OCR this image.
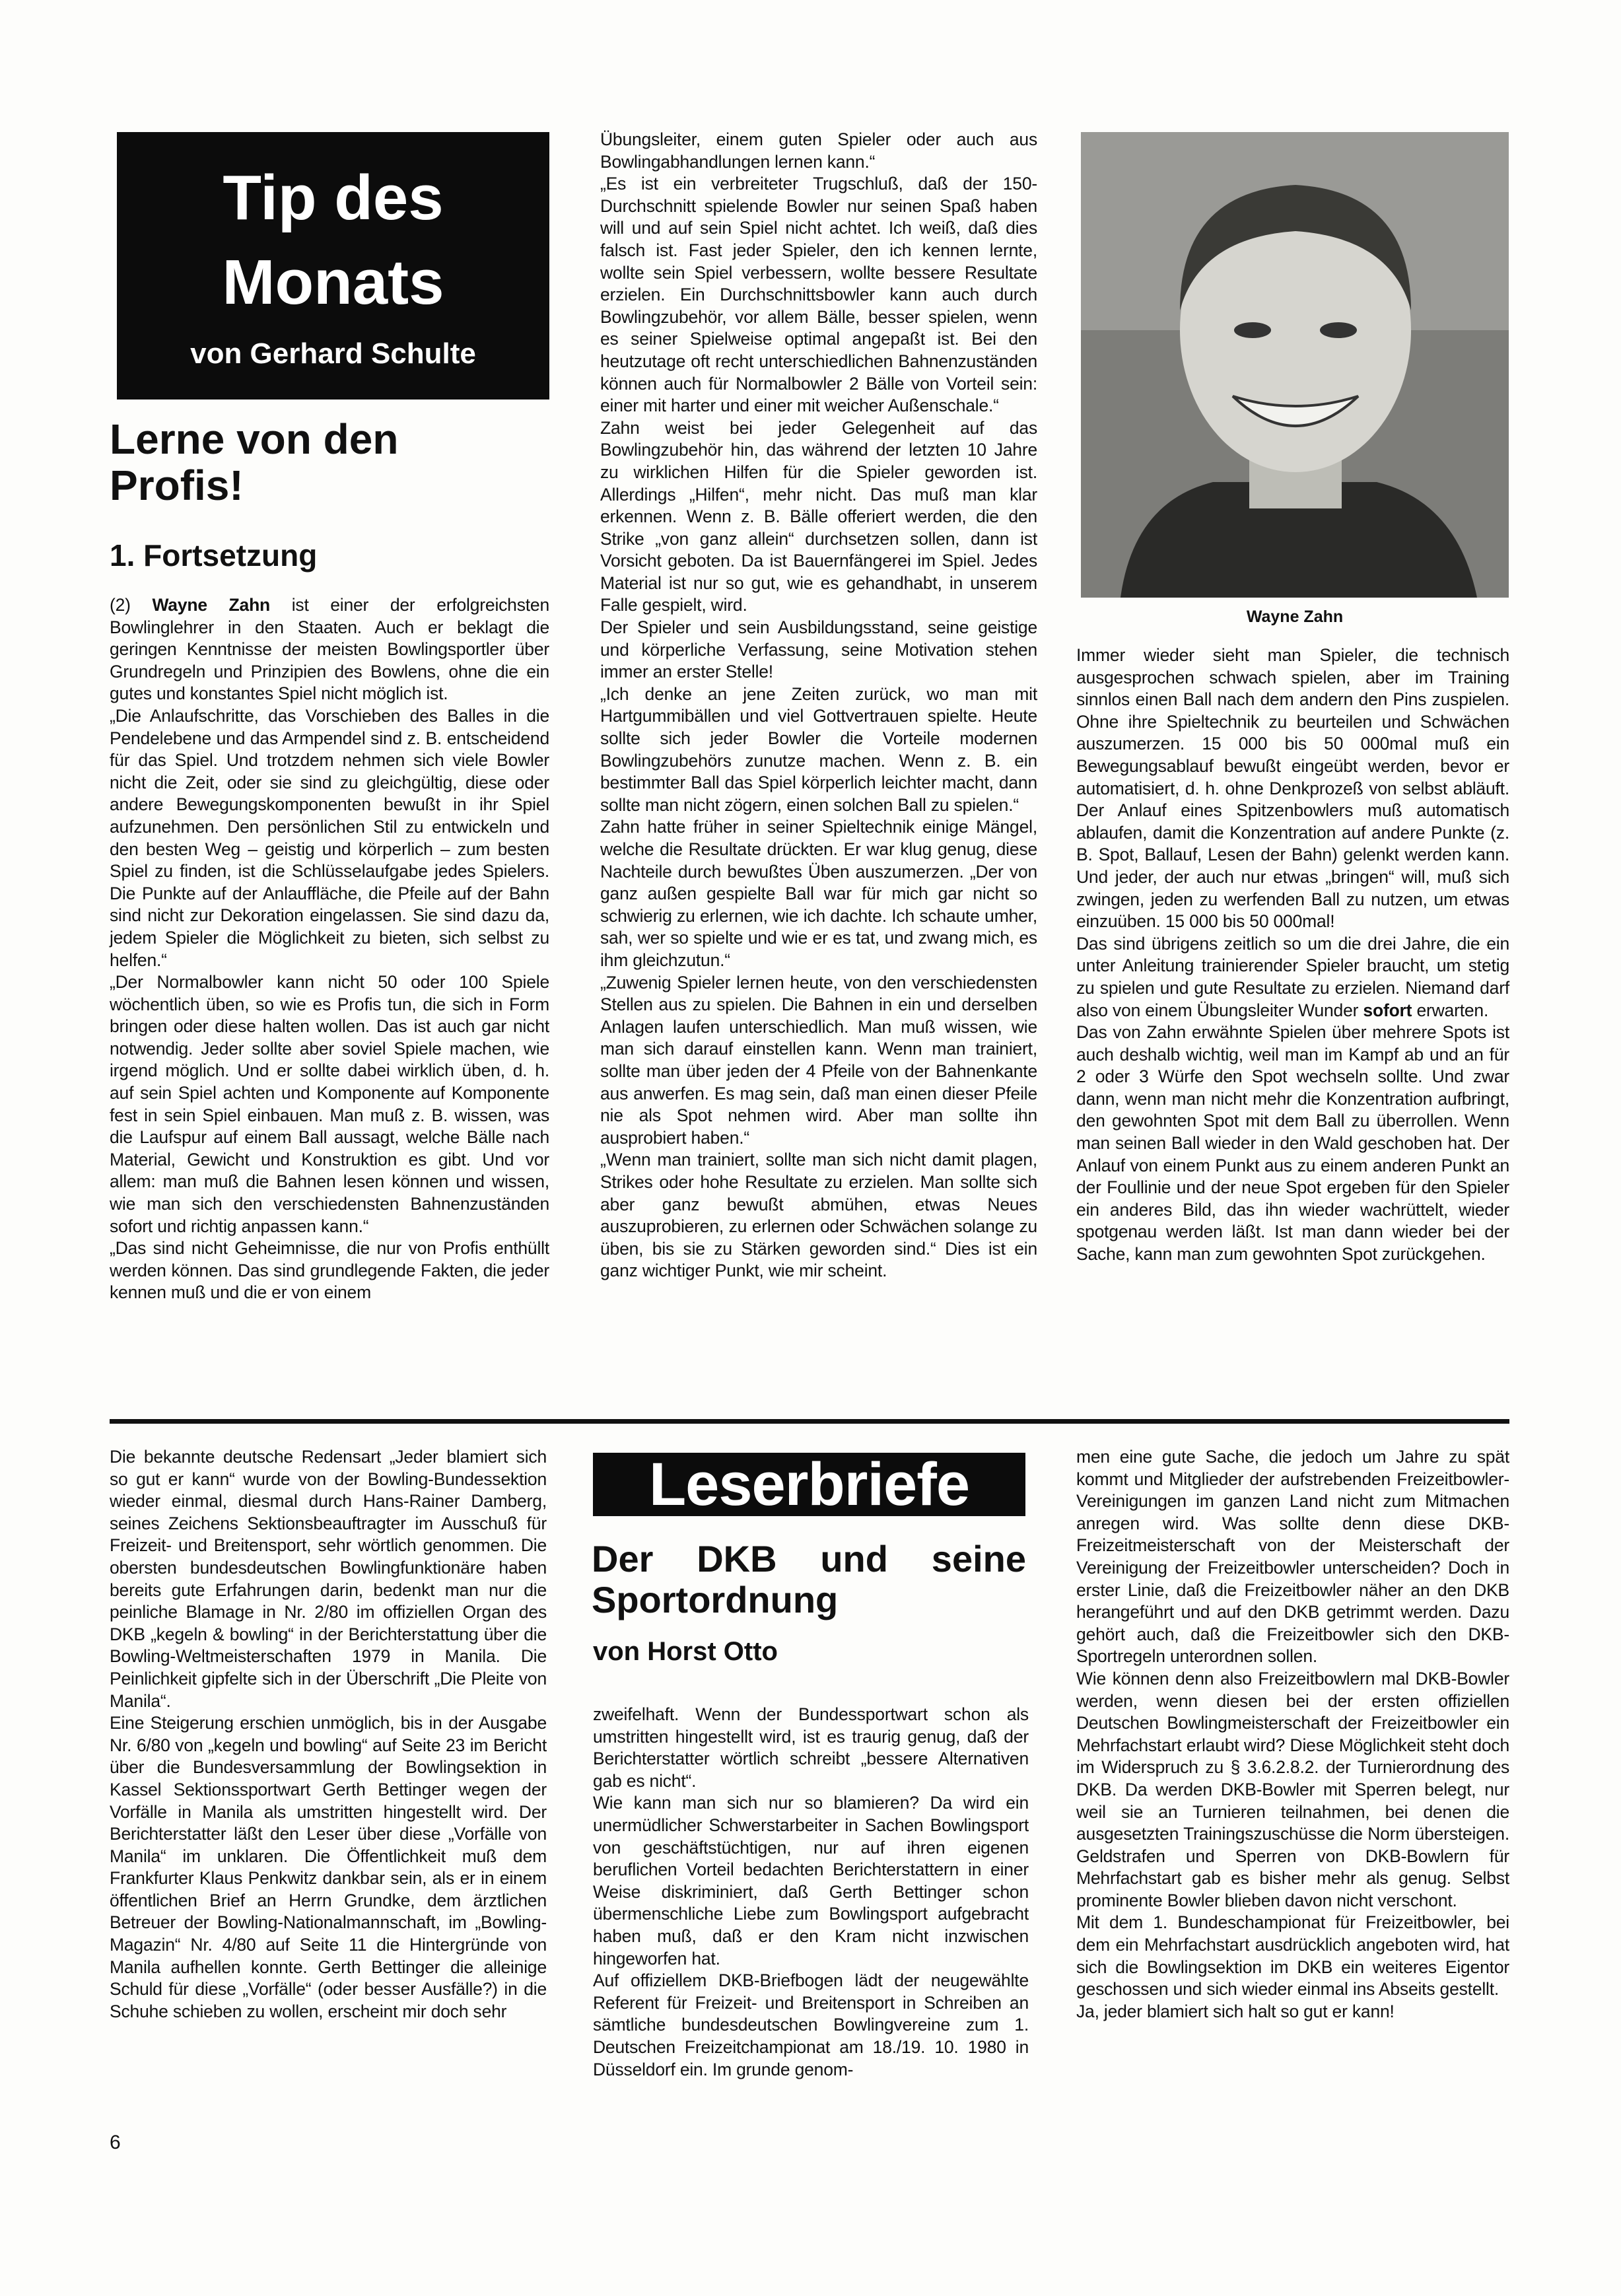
Tip des
Monats
von Gerhard Schulte
Lerne von den Profis!
1. Fortsetzung

(2) Wayne Zahn ist einer der erfolgreichsten Bowlinglehrer in den Staaten. Auch er beklagt die geringen Kenntnisse der meisten Bowlingsportler über Grundregeln und Prinzipien des Bowlens, ohne die ein gutes und konstantes Spiel nicht möglich ist.

„Die Anlaufschritte, das Vorschieben des Balles in die Pendelebene und das Armpendel sind z. B. entscheidend für das Spiel. Und trotzdem nehmen sich viele Bowler nicht die Zeit, oder sie sind zu gleichgültig, diese oder andere Bewegungskomponenten bewußt in ihr Spiel aufzunehmen. Den persönlichen Stil zu entwickeln und den besten Weg – geistig und körperlich – zum besten Spiel zu finden, ist die Schlüsselaufgabe jedes Spielers. Die Punkte auf der Anlauffläche, die Pfeile auf der Bahn sind nicht zur Dekoration eingelassen. Sie sind dazu da, jedem Spieler die Möglichkeit zu bieten, sich selbst zu helfen.“

„Der Normalbowler kann nicht 50 oder 100 Spiele wöchentlich üben, so wie es Profis tun, die sich in Form bringen oder diese halten wollen. Das ist auch gar nicht notwendig. Jeder sollte aber soviel Spiele machen, wie irgend möglich. Und er sollte dabei wirklich üben, d. h. auf sein Spiel achten und Komponente auf Komponente fest in sein Spiel einbauen. Man muß z. B. wissen, was die Laufspur auf einem Ball aussagt, welche Bälle nach Material, Gewicht und Konstruktion es gibt. Und vor allem: man muß die Bahnen lesen können und wissen, wie man sich den verschiedensten Bahnenzuständen sofort und richtig anpassen kann.“

„Das sind nicht Geheimnisse, die nur von Profis enthüllt werden können. Das sind grundlegende Fakten, die jeder kennen muß und die er von einem

Übungsleiter, einem guten Spieler oder auch aus Bowlingabhandlungen lernen kann.“

„Es ist ein verbreiteter Trugschluß, daß der 150-Durchschnitt spielende Bowler nur seinen Spaß haben will und auf sein Spiel nicht achtet. Ich weiß, daß dies falsch ist. Fast jeder Spieler, den ich kennen lernte, wollte sein Spiel verbessern, wollte bessere Resultate erzielen. Ein Durchschnittsbowler kann auch durch Bowlingzubehör, vor allem Bälle, besser spielen, wenn es seiner Spielweise optimal angepaßt ist. Bei den heutzutage oft recht unterschiedlichen Bahnenzuständen können auch für Normalbowler 2 Bälle von Vorteil sein: einer mit harter und einer mit weicher Außenschale.“

Zahn weist bei jeder Gelegenheit auf das Bowlingzubehör hin, das während der letzten 10 Jahre zu wirklichen Hilfen für die Spieler geworden ist. Allerdings „Hilfen“, mehr nicht. Das muß man klar erkennen. Wenn z. B. Bälle offeriert werden, die den Strike „von ganz allein“ durchsetzen sollen, dann ist Vorsicht geboten. Da ist Bauernfängerei im Spiel. Jedes Material ist nur so gut, wie es gehandhabt, in unserem Falle gespielt, wird.

Der Spieler und sein Ausbildungsstand, seine geistige und körperliche Verfassung, seine Motivation stehen immer an erster Stelle!

„Ich denke an jene Zeiten zurück, wo man mit Hartgummibällen und viel Gottvertrauen spielte. Heute sollte sich jeder Bowler die Vorteile modernen Bowlingzubehörs zunutze machen. Wenn z. B. ein bestimmter Ball das Spiel körperlich leichter macht, dann sollte man nicht zögern, einen solchen Ball zu spielen.“

Zahn hatte früher in seiner Spieltechnik einige Mängel, welche die Resultate drückten. Er war klug genug, diese Nachteile durch bewußtes Üben auszumerzen. „Der von ganz außen gespielte Ball war für mich gar nicht so schwierig zu erlernen, wie ich dachte. Ich schaute umher, sah, wer so spielte und wie er es tat, und zwang mich, es ihm gleichzutun.“

„Zuwenig Spieler lernen heute, von den verschiedensten Stellen aus zu spielen. Die Bahnen in ein und derselben Anlagen laufen unterschiedlich. Man muß wissen, wie man sich darauf einstellen kann. Wenn man trainiert, sollte man über jeden der 4 Pfeile von der Bahnenkante aus anwerfen. Es mag sein, daß man einen dieser Pfeile nie als Spot nehmen wird. Aber man sollte ihn ausprobiert haben.“

„Wenn man trainiert, sollte man sich nicht damit plagen, Strikes oder hohe Resultate zu erzielen. Man sollte sich aber ganz bewußt abmühen, etwas Neues auszuprobieren, zu erlernen oder Schwächen solange zu üben, bis sie zu Stärken geworden sind.“ Dies ist ein ganz wichtiger Punkt, wie mir scheint.

Wayne Zahn

Immer wieder sieht man Spieler, die technisch ausgesprochen schwach spielen, aber im Training sinnlos einen Ball nach dem andern den Pins zuspielen. Ohne ihre Spieltechnik zu beurteilen und Schwächen auszumerzen. 15 000 bis 50 000mal muß ein Bewegungsablauf bewußt eingeübt werden, bevor er automatisiert, d. h. ohne Denkprozeß von selbst abläuft. Der Anlauf eines Spitzenbowlers muß automatisch ablaufen, damit die Konzentration auf andere Punkte (z. B. Spot, Ballauf, Lesen der Bahn) gelenkt werden kann. Und jeder, der auch nur etwas „bringen“ will, muß sich zwingen, jeden zu werfenden Ball zu nutzen, um etwas einzuüben. 15 000 bis 50 000mal!

Das sind übrigens zeitlich so um die drei Jahre, die ein unter Anleitung trainierender Spieler braucht, um stetig zu spielen und gute Resultate zu erzielen. Niemand darf also von einem Übungsleiter Wunder sofort erwarten.

Das von Zahn erwähnte Spielen über mehrere Spots ist auch deshalb wichtig, weil man im Kampf ab und an für 2 oder 3 Würfe den Spot wechseln sollte. Und zwar dann, wenn man nicht mehr die Konzentration aufbringt, den gewohnten Spot mit dem Ball zu überrollen. Wenn man seinen Ball wieder in den Wald geschoben hat. Der Anlauf von einem Punkt aus zu einem anderen Punkt an der Foullinie und der neue Spot ergeben für den Spieler ein anderes Bild, das ihn wieder wachrüttelt, wieder spotgenau werden läßt. Ist man dann wieder bei der Sache, kann man zum gewohnten Spot zurückgehen.

Die bekannte deutsche Redensart „Jeder blamiert sich so gut er kann“ wurde von der Bowling-Bundessektion wieder einmal, diesmal durch Hans-Rainer Damberg, seines Zeichens Sektionsbeauftragter im Ausschuß für Freizeit- und Breitensport, sehr wörtlich genommen. Die obersten bundesdeutschen Bowlingfunktionäre haben bereits gute Erfahrungen darin, bedenkt man nur die peinliche Blamage in Nr. 2/80 im offiziellen Organ des DKB „kegeln & bowling“ in der Berichterstattung über die Bowling-Weltmeisterschaften 1979 in Manila. Die Peinlichkeit gipfelte sich in der Überschrift „Die Pleite von Manila“.

Eine Steigerung erschien unmöglich, bis in der Ausgabe Nr. 6/80 von „kegeln und bowling“ auf Seite 23 im Bericht über die Bundesversammlung der Bowlingsektion in Kassel Sektionssportwart Gerth Bettinger wegen der Vorfälle in Manila als umstritten hingestellt wird. Der Berichterstatter läßt den Leser über diese „Vorfälle von Manila“ im unklaren. Die Öffentlichkeit muß dem Frankfurter Klaus Penkwitz dankbar sein, als er in einem öffentlichen Brief an Herrn Grundke, dem ärztlichen Betreuer der Bowling-Nationalmannschaft, im „Bowling-Magazin“ Nr. 4/80 auf Seite 11 die Hintergründe von Manila aufhellen konnte. Gerth Bettinger die alleinige Schuld für diese „Vorfälle“ (oder besser Ausfälle?) in die Schuhe schieben zu wollen, erscheint mir doch sehr

Leserbriefe
Der DKB und seine Sportordnung
von Horst Otto

zweifelhaft. Wenn der Bundessportwart schon als umstritten hingestellt wird, ist es traurig genug, daß der Berichterstatter wörtlich schreibt „bessere Alternativen gab es nicht“.

Wie kann man sich nur so blamieren? Da wird ein unermüdlicher Schwerstarbeiter in Sachen Bowlingsport von geschäftstüchtigen, nur auf ihren eigenen beruflichen Vorteil bedachten Berichterstattern in einer Weise diskriminiert, daß Gerth Bettinger schon übermenschliche Liebe zum Bowlingsport aufgebracht haben muß, daß er den Kram nicht inzwischen hingeworfen hat.

Auf offiziellem DKB-Briefbogen lädt der neugewählte Referent für Freizeit- und Breitensport in Schreiben an sämtliche bundesdeutschen Bowlingvereine zum 1. Deutschen Freizeitchampionat am 18./19. 10. 1980 in Düsseldorf ein. Im grunde genom-

men eine gute Sache, die jedoch um Jahre zu spät kommt und Mitglieder der aufstrebenden Freizeitbowler-Vereinigungen im ganzen Land nicht zum Mitmachen anregen wird. Was sollte denn diese DKB-Freizeitmeisterschaft von der Meisterschaft der Vereinigung der Freizeitbowler unterscheiden? Doch in erster Linie, daß die Freizeitbowler näher an den DKB herangeführt und auf den DKB getrimmt werden. Dazu gehört auch, daß die Freizeitbowler sich den DKB-Sportregeln unterordnen sollen.

Wie können denn also Freizeitbowlern mal DKB-Bowler werden, wenn diesen bei der ersten offiziellen Deutschen Bowlingmeisterschaft der Freizeitbowler ein Mehrfachstart erlaubt wird? Diese Möglichkeit steht doch im Widerspruch zu § 3.6.2.8.2. der Turnierordnung des DKB. Da werden DKB-Bowler mit Sperren belegt, nur weil sie an Turnieren teilnahmen, bei denen die ausgesetzten Trainingszuschüsse die Norm übersteigen. Geldstrafen und Sperren von DKB-Bowlern für Mehrfachstart gab es bisher mehr als genug. Selbst prominente Bowler blieben davon nicht verschont.

Mit dem 1. Bundeschampionat für Freizeitbowler, bei dem ein Mehrfachstart ausdrücklich angeboten wird, hat sich die Bowlingsektion im DKB ein weiteres Eigentor geschossen und sich wieder einmal ins Abseits gestellt.

Ja, jeder blamiert sich halt so gut er kann!

6
